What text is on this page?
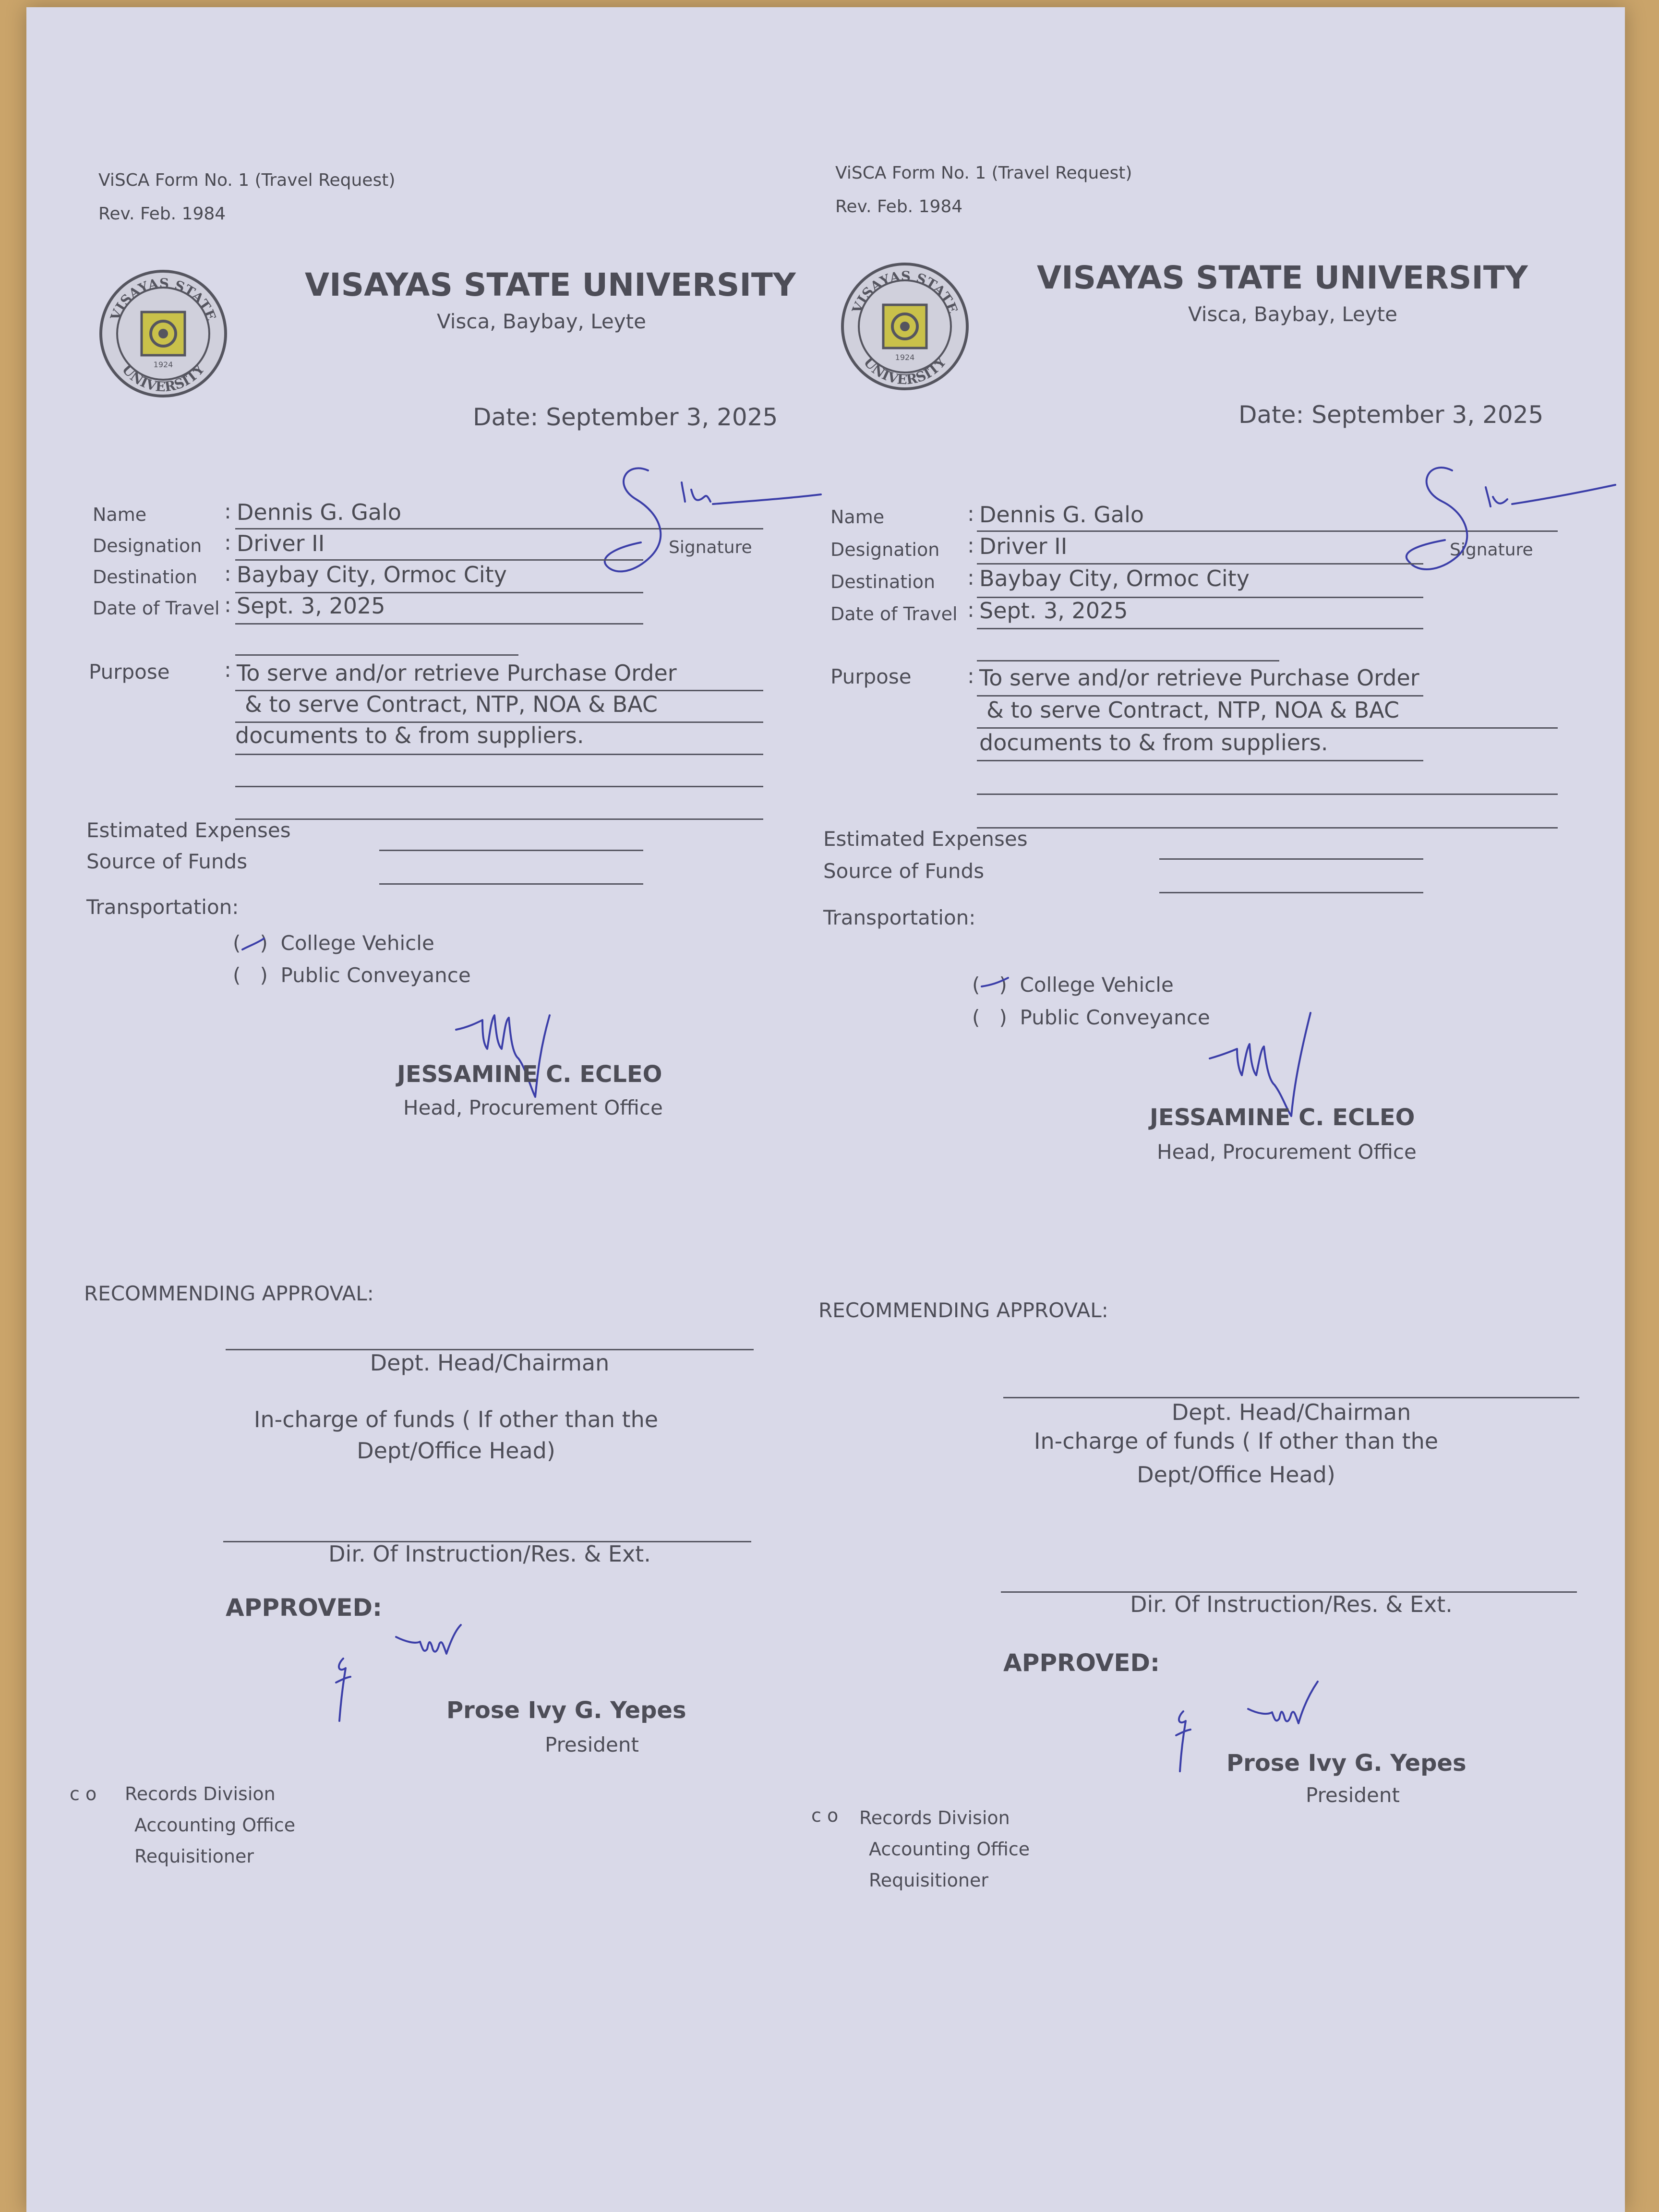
ViSCA Form No. 1 (Travel Request)
Rev. Feb. 1984
VISAYAS STATE
UNIVERSITY
1924
VISAYAS STATE UNIVERSITY
Visca, Baybay, Leyte
Date: September 3, 2025
Name	: Dennis G. Galo
Signature
Designation : Driver II
Destination : Baybay City, Ormoc City
Date of Travel : Sept. 3, 2025
Purpose	: To serve and/or retrieve Purchase Order
& to serve Contract, NTP, NOA & BAC
documents to & from suppliers.
Estimated Expenses
Source of Funds
Transportation:
(   )  College Vehicle
(   )  Public Conveyance
JESSAMINE C. ECLEO
Head, Procurement Office
RECOMMENDING APPROVAL:
Dept. Head/Chairman
In-charge of funds ( If other than the
Dept/Office Head)
Dir. Of Instruction/Res. & Ext.
APPROVED:
Prose Ivy G. Yepes
President
c o Records Division
Accounting Office
Requisitioner
ViSCA Form No. 1 (Travel Request)
Rev. Feb. 1984
VISAYAS STATE
UNIVERSITY
1924
VISAYAS STATE UNIVERSITY
Visca, Baybay, Leyte
Date: September 3, 2025
Name	: Dennis G. Galo
Signature
Designation : Driver II
Destination : Baybay City, Ormoc City
Date of Travel : Sept. 3, 2025
Purpose	: To serve and/or retrieve Purchase Order
& to serve Contract, NTP, NOA & BAC
documents to & from suppliers.
Estimated Expenses
Source of Funds
Transportation:
(   )  College Vehicle
(   )  Public Conveyance
JESSAMINE C. ECLEO
Head, Procurement Office
RECOMMENDING APPROVAL:
Dept. Head/Chairman
In-charge of funds ( If other than the
Dept/Office Head)
Dir. Of Instruction/Res. & Ext.
APPROVED:
Prose Ivy G. Yepes
President
c o Records Division
Accounting Office
Requisitioner
